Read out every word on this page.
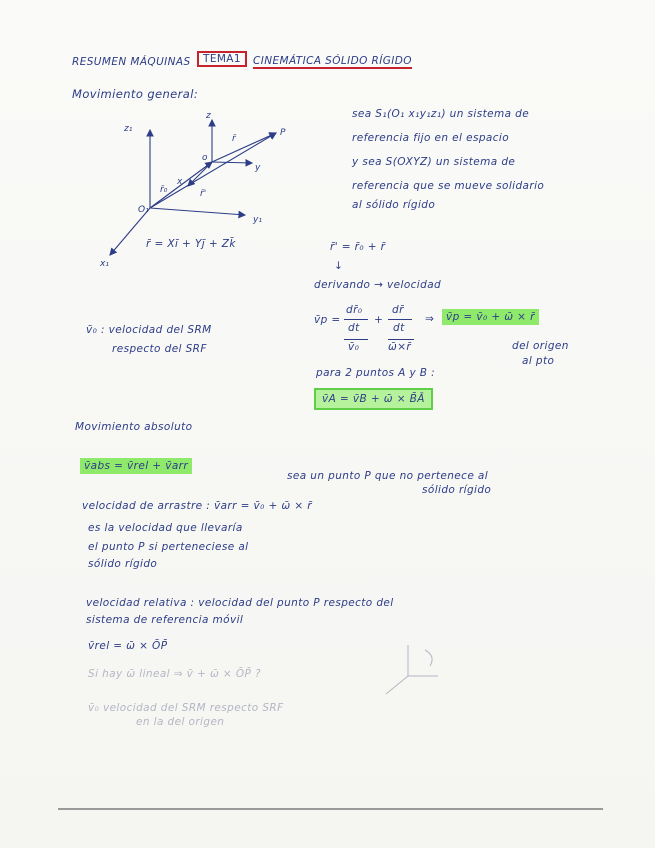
RESUMEN MÁQUINAS	TEMA1	CINEMÁTICA SÓLIDO RÍGIDO
Movimiento general:
z₁
z
y₁
y
x₁
x
O₁
o
P
r̄
r̄'
r̄₀
sea S₁(O₁ x₁y₁z₁) un sistema de
referencia fijo en el espacio
y sea S(OXYZ) un sistema de
referencia que se mueve solidario
al sólido rígido
r̄ = Xī + Yj̄ + Zk̄	r̄' = r̄₀ + r̄
↓
derivando → velocidad
v̄p =
dr̄₀
dt
+
dr̄
dt
v̄₀	ω̄×r̄
⇒	v̄p = v̄₀ + ω̄ × r̄
del origen
al pto
v̄₀ : velocidad del SRM
respecto del SRF
para 2 puntos A y B :
v̄A = v̄B + ω̄ × B̄Ā
Movimiento absoluto
v̄abs = v̄rel + v̄arr
sea un punto P que no pertenece al
sólido rígido
velocidad de arrastre : v̄arr = v̄₀ + ω̄ × r̄
es la velocidad que llevaría
el punto P si perteneciese al
sólido rígido
velocidad relativa : velocidad del punto P respecto del
sistema de referencia móvil
v̄rel = ω̄ × ŌP̄
Si hay ω̄ lineal ⇒ v̄ + ω̄ × ŌP̄ ?
v̄₀ velocidad del SRM respecto SRF
en la del origen
